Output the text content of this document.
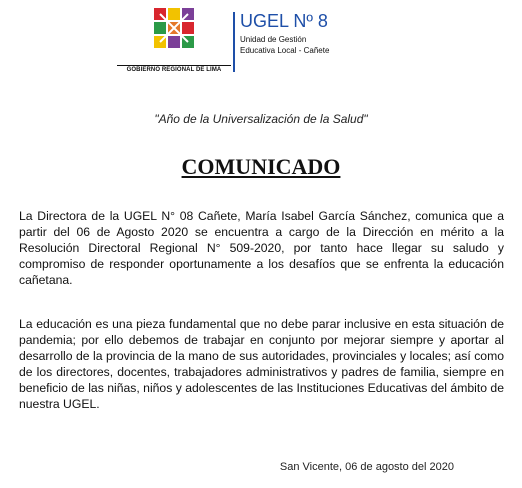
GOBIERNO REGIONAL DE LIMA
UGEL Nº 8
Unidad de Gestión
Educativa Local - Cañete
"Año de la Universalización de la Salud"
COMUNICADO

La Directora de la UGEL N° 08 Cañete, María Isabel García Sánchez, comunica que a partir del 06 de Agosto 2020 se encuentra a cargo de la Dirección en mérito a la Resolución Directoral Regional N° 509-2020, por tanto hace llegar su saludo y compromiso de responder oportunamente a los desafíos que se enfrenta la educación cañetana.

La educación es una pieza fundamental que no debe parar inclusive en esta situación de pandemia; por ello debemos de trabajar en conjunto por mejorar siempre y aportar al desarrollo de la provincia de la mano de sus autoridades, provinciales y locales; así como de los directores, docentes, trabajadores administrativos y padres de familia, siempre en beneficio de las niñas, niños y adolescentes de las Instituciones Educativas del ámbito de nuestra UGEL.

San Vicente, 06 de agosto del 2020
